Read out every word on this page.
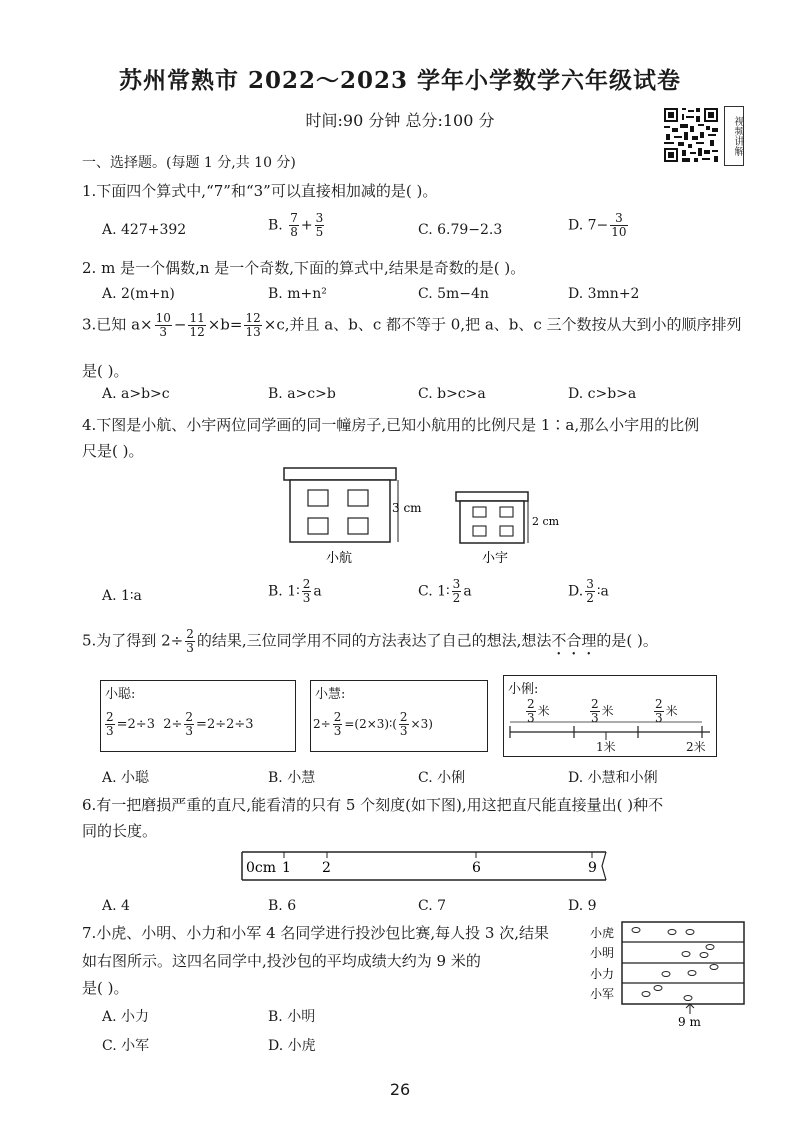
苏州常熟市 2022～2023 学年小学数学六年级试卷
时间:90 分钟 总分:100 分	视频讲解
一、选择题。(每题 1 分,共 10 分)
1.下面四个算式中,“7”和“3”可以直接相加减的是( )。
A. 427+392	B. $\frac{7}{8} + \frac{3}{5}$	C. 6.79−2.3	D. $7- \frac{3}{10}$
2. m 是一个偶数,n 是一个奇数,下面的算式中,结果是奇数的是( )。
A. 2(m+n)	B. m+n²	C. 5m−4n	D. 3mn+2
3.已知 $a\times \frac{10}{3} - \frac{11}{12} \times b= \frac{12}{13} \times c$,并且 a、b、c 都不等于 0,把 a、b、c 三个数按从大到小的顺序排列
是( )。
A. a>b>c	B. a>c>b	C. b>c>a	D. c>b>a
4.下图是小航、小宇两位同学画的同一幢房子,已知小航用的比例尺是 1∶a,那么小宇用的比例
尺是( )。
3 cm
小航
2 cm
小宇
A. 1∶a	B. 1∶ $\frac{2}{3}$ a	C. 1∶ $\frac{3}{2}$ a	D. $\frac{3}{2}$ ∶a
5.为了得到 $2\div \frac{2}{3}$ 的结果,三位同学用不同的方法表达了自己的想法,想法不合理的是( )。
小聪:
$\frac{2}{3} =2\div 3$ $2\div \frac{2}{3} =2\div 2\div 3$
小慧:
$2\div \frac{2}{3}$ =(2×3)∶( $\frac{2}{3} \times 3$)
小俐:
$\frac{2}{3}$ 米	$\frac{2}{3}$ 米	$\frac{2}{3}$ 米
1米	2米
A. 小聪	B. 小慧	C. 小俐	D. 小慧和小俐
6.有一把磨损严重的直尺,能看清的只有 5 个刻度(如下图),用这把直尺能直接量出( )种不
同的长度。
0cm 1 2	6	9
A. 4	B. 6	C. 7	D. 9
7.小虎、小明、小力和小军 4 名同学进行投沙包比赛,每人投 3 次,结果
如右图所示。这四名同学中,投沙包的平均成绩大约为 9 米的
是( )。
小虎
小明
小力
小军
9 m
A. 小力	B. 小明
C. 小军	D. 小虎
26
